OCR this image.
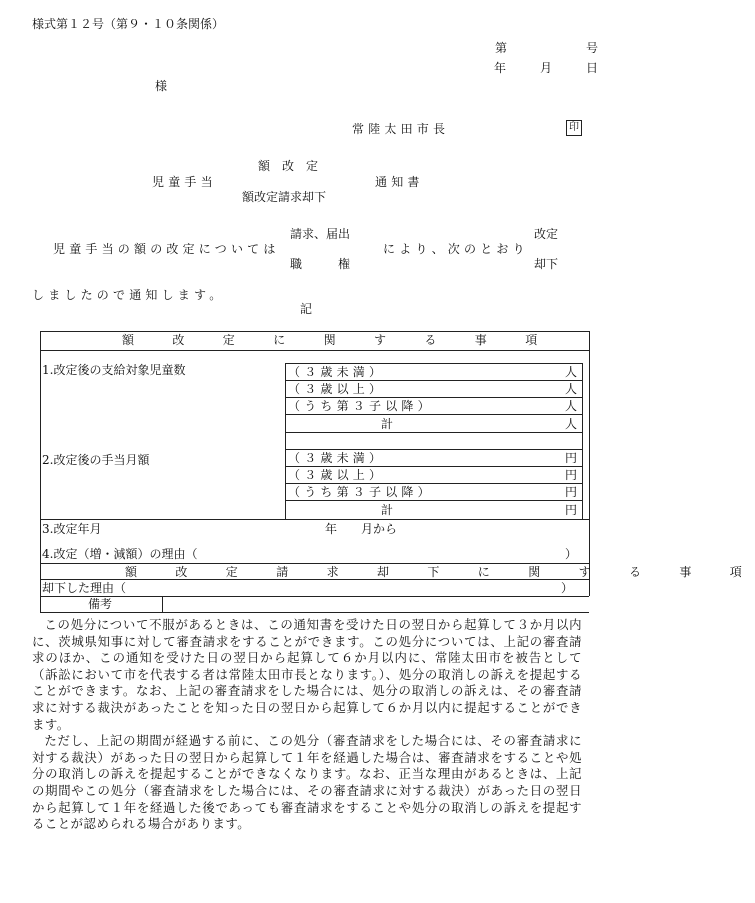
様式第１２号（第９・１０条関係）
第	号
年	月	日
様
常陸太田市長	印
額　改　定
児童手当	通知書
額改定請求却下
請求、届出	改定
児童手当の額の改定については	により、次のとおり
職　　　権	却下
しましたので通知します。
記
額　改　定　に　関　す　る　事　項
1.改定後の支給対象児童数	（３歳未満）	人
（３歳以上）	人
（うち第３子以降）	人
計	人
2.改定後の手当月額	（３歳未満）	円
（３歳以上）	円
（うち第３子以降）	円
計	円
3.改定年月	年　　月から
4.改定（増・減額）の理由（	）
額　改　定　請　求　却　下　に　関　す　る　事　項
却下した理由（	）
備考

この処分について不服があるときは、この通知書を受けた日の翌日から起算して３か月以内に、茨城県知事に対して審査請求をすることができます。この処分については、上記の審査請求のほか、この通知を受けた日の翌日から起算して６か月以内に、常陸太田市を被告として（訴訟において市を代表する者は常陸太田市長となります。）、処分の取消しの訴えを提起することができます。なお、上記の審査請求をした場合には、処分の取消しの訴えは、その審査請求に対する裁決があったことを知った日の翌日から起算して６か月以内に提起することができます。

ただし、上記の期間が経過する前に、この処分（審査請求をした場合には、その審査請求に対する裁決）があった日の翌日から起算して１年を経過した場合は、審査請求をすることや処分の取消しの訴えを提起することができなくなります。なお、正当な理由があるときは、上記の期間やこの処分（審査請求をした場合には、その審査請求に対する裁決）があった日の翌日から起算して１年を経過した後であっても審査請求をすることや処分の取消しの訴えを提起することが認められる場合があります。
